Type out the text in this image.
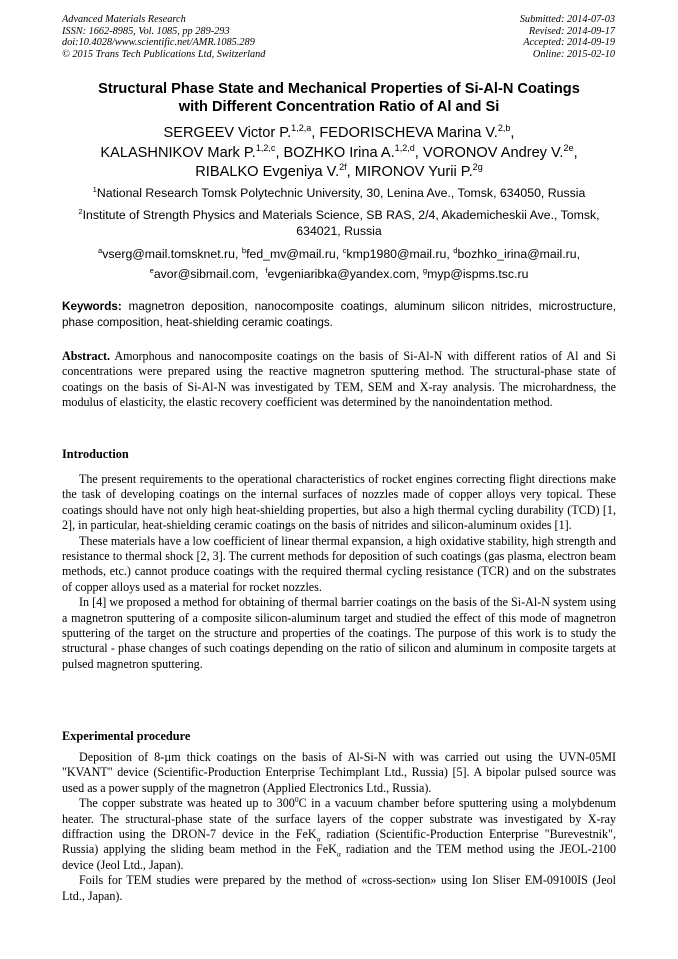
Advanced Materials Research
ISSN: 1662-8985, Vol. 1085, pp 289-293
doi:10.4028/www.scientific.net/AMR.1085.289
© 2015 Trans Tech Publications Ltd, Switzerland
Submitted: 2014-07-03
Revised: 2014-09-17
Accepted: 2014-09-19
Online: 2015-02-10
Structural Phase State and Mechanical Properties of Si-Al-N Coatings
with Different Concentration Ratio of Al and Si
SERGEEV Victor P.$^{1,2,a}$, FEDORISCHEVA Marina V.$^{2,b}$,
KALASHNIKOV Mark P.$^{1,2,c}$, BOZHKO Irina A.$^{1,2,d}$, VORONOV Andrey V.$^{2e}$,
RIBALKO Evgeniya V.$^{2f}$, MIRONOV Yurii P.$^{2g}$
$^1$National Research Tomsk Polytechnic University, 30, Lenina Ave., Tomsk, 634050, Russia
$^2$Institute of Strength Physics and Materials Science, SB RAS, 2/4, Akademicheskii Ave., Tomsk, 634021, Russia
$^a$vserg@mail.tomsknet.ru, $^b$fed_mv@mail.ru, $^c$kmp1980@mail.ru, $^d$bozhko_irina@mail.ru,
$^e$avor@sibmail.com, $^f$evgeniaribka@yandex.com, $^g$myp@ispms.tsc.ru
Keywords: magnetron deposition, nanocomposite coatings, aluminum silicon nitrides, microstructure, phase composition, heat-shielding ceramic coatings.

Abstract. Amorphous and nanocomposite coatings on the basis of Si-Al-N with different ratios of Al and Si concentrations were prepared using the reactive magnetron sputtering method. The structural-phase state of coatings on the basis of Si-Al-N was investigated by TEM, SEM and X-ray analysis. The microhardness, the modulus of elasticity, the elastic recovery coefficient was determined by the nanoindentation method.

Introduction

The present requirements to the operational characteristics of rocket engines correcting flight directions make the task of developing coatings on the internal surfaces of nozzles made of copper alloys very topical. These coatings should have not only high heat-shielding properties, but also a high thermal cycling durability (TCD) [1, 2], in particular, heat-shielding ceramic coatings on the basis of nitrides and silicon-aluminum oxides [1].

These materials have a low coefficient of linear thermal expansion, a high oxidative stability, high strength and resistance to thermal shock [2, 3]. The current methods for deposition of such coatings (gas plasma, electron beam methods, etc.) cannot produce coatings with the required thermal cycling resistance (TCR) and on the substrates of copper alloys used as a material for rocket nozzles.

In [4] we proposed a method for obtaining of thermal barrier coatings on the basis of the Si-Al-N system using a magnetron sputtering of a composite silicon-aluminum target and studied the effect of this mode of magnetron sputtering of the target on the structure and properties of the coatings. The purpose of this work is to study the structural - phase changes of such coatings depending on the ratio of silicon and aluminum in composite targets at pulsed magnetron sputtering.

Experimental procedure

Deposition of 8-µm thick coatings on the basis of Al-Si-N with was carried out using the UVN-05MI "KVANT" device (Scientific-Production Enterprise Techimplant Ltd., Russia) [5]. A bipolar pulsed source was used as a power supply of the magnetron (Applied Electronics Ltd., Russia).

The copper substrate was heated up to $300^0C$ in a vacuum chamber before sputtering using a molybdenum heater. The structural-phase state of the surface layers of the copper substrate was investigated by X-ray diffraction using the DRON-7 device in the FeK$_\alpha$ radiation (Scientific-Production Enterprise "Burevestnik", Russia) applying the sliding beam method in the FeK$_\alpha$ radiation and the TEM method using the JEOL-2100 device (Jeol Ltd., Japan).

Foils for TEM studies were prepared by the method of «cross-section» using Ion Sliser EM-09100IS (Jeol Ltd., Japan).
